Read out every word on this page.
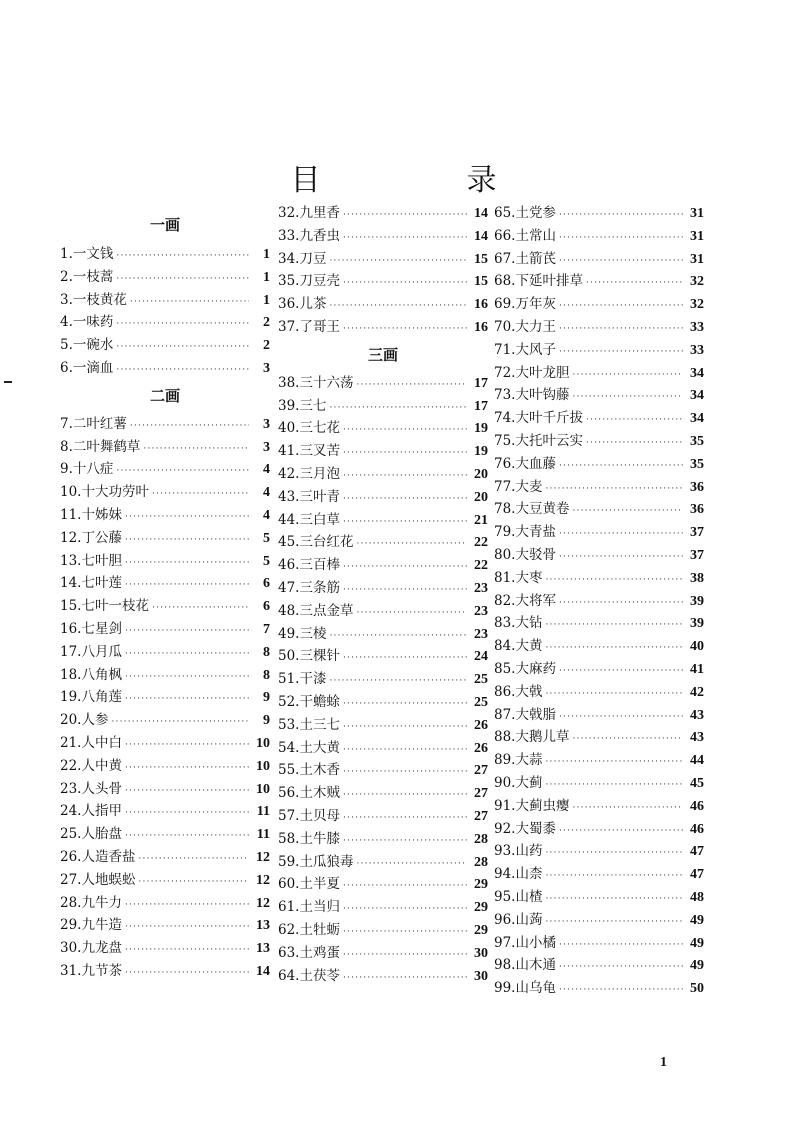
目　录
一画
1. 一文钱 ·····	1
2. 一枝蒿 ·····	1
3. 一枝黄花 ·····	1
4. 一味药 ·····	2
5. 一碗水 ·····	2
6. 一滴血 ·····	3
二画
7. 二叶红薯 ·····	3
8. 二叶舞鹤草 ·····	3
9. 十八症 ·····	4
10. 十大功劳叶 ·····	4
11. 十姊妹 ·····	4
12. 丁公藤 ·····	5
13. 七叶胆 ·····	5
14. 七叶莲 ·····	6
15. 七叶一枝花 ·····	6
16. 七星剑 ·····	7
17. 八月瓜 ·····	8
18. 八角枫 ·····	8
19. 八角莲 ·····	9
20. 人参 ·····	9
21. 人中白 ·····	10
22. 人中黄 ·····	10
23. 人头骨 ·····	10
24. 人指甲 ·····	11
25. 人胎盘 ·····	11
26. 人造香盐 ·····	12
27. 人地蜈蚣 ·····	12
28. 九牛力 ·····	12
29. 九牛造 ·····	13
30. 九龙盘 ·····	13
31. 九节茶 ·····	14
32. 九里香 ·····	14
33. 九香虫 ·····	14
34. 刀豆 ·····	15
35. 刀豆壳 ·····	15
36. 儿茶 ·····	16
37. 了哥王 ·····	16
三画
38. 三十六荡 ·····	17
39. 三七 ·····	17
40. 三七花 ·····	19
41. 三叉苦 ·····	19
42. 三月泡 ·····	20
43. 三叶青 ·····	20
44. 三白草 ·····	21
45. 三台红花 ·····	22
46. 三百棒 ·····	22
47. 三条筋 ·····	23
48. 三点金草 ·····	23
49. 三棱 ·····	23
50. 三棵针 ·····	24
51. 干漆 ·····	25
52. 干蟾蜍 ·····	25
53. 土三七 ·····	26
54. 土大黄 ·····	26
55. 土木香 ·····	27
56. 土木贼 ·····	27
57. 土贝母 ·····	27
58. 土牛膝 ·····	28
59. 土瓜狼毒 ·····	28
60. 土半夏 ·····	29
61. 土当归 ·····	29
62. 土牡蛎 ·····	29
63. 土鸡蛋 ·····	30
64. 土茯苓 ·····	30
65. 土党参 ·····	31
66. 土常山 ·····	31
67. 土箭芪 ·····	31
68. 下延叶排草 ·····	32
69. 万年灰 ·····	32
70. 大力王 ·····	33
71. 大风子 ·····	33
72. 大叶龙胆 ·····	34
73. 大叶钩藤 ·····	34
74. 大叶千斤拔 ·····	34
75. 大托叶云实 ·····	35
76. 大血藤 ·····	35
77. 大麦 ·····	36
78. 大豆黄卷 ·····	36
79. 大青盐 ·····	37
80. 大驳骨 ·····	37
81. 大枣 ·····	38
82. 大将军 ·····	39
83. 大钻 ·····	39
84. 大黄 ·····	40
85. 大麻药 ·····	41
86. 大戟 ·····	42
87. 大戟脂 ·····	43
88. 大鹅儿草 ·····	43
89. 大蒜 ·····	44
90. 大蓟 ·····	45
91. 大蓟虫瘿 ·····	46
92. 大蜀黍 ·····	46
93. 山药 ·····	47
94. 山柰 ·····	47
95. 山楂 ·····	48
96. 山蒟 ·····	49
97. 山小橘 ·····	49
98. 山木通 ·····	49
99. 山乌龟 ·····	50
1
